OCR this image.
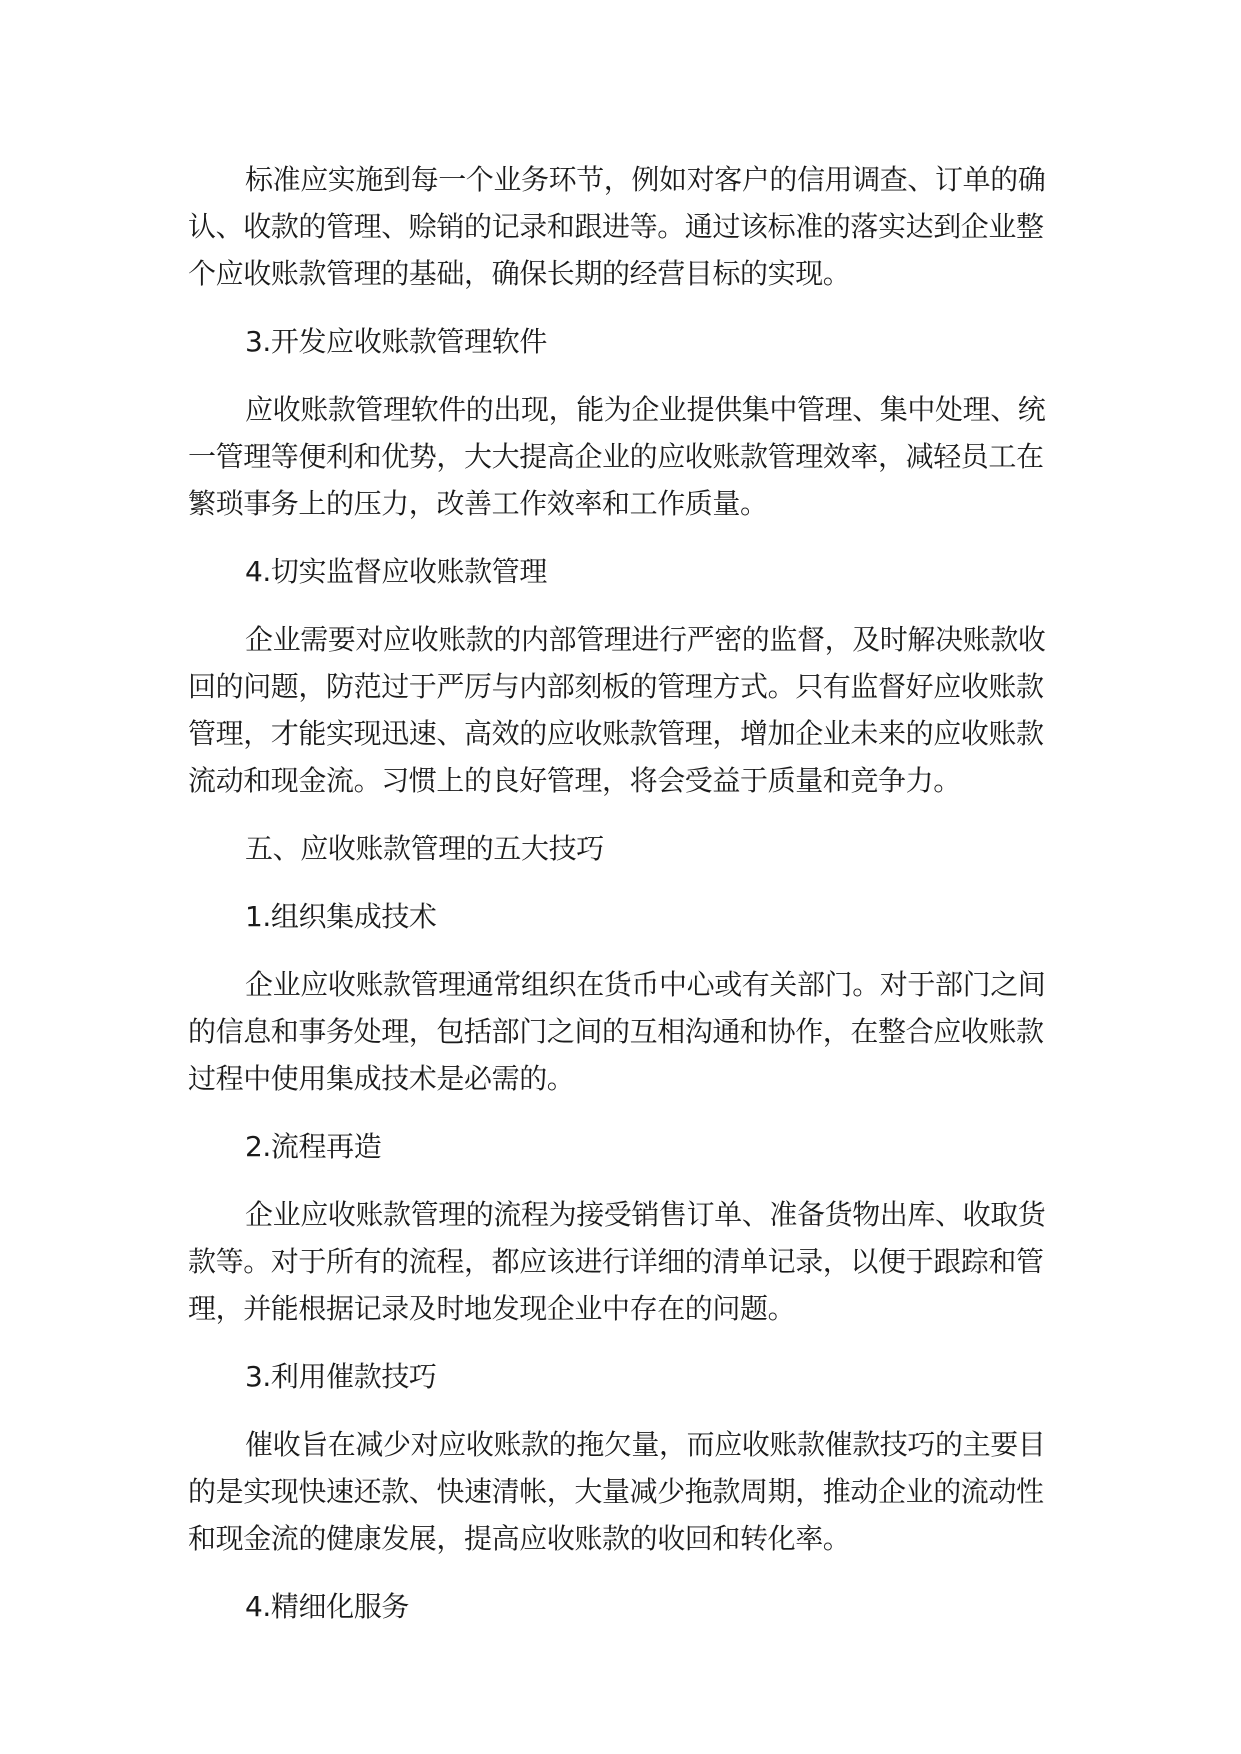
标准应实施到每一个业务环节，例如对客户的信用调查、订单的确
认、收款的管理、赊销的记录和跟进等。通过该标准的落实达到企业整
个应收账款管理的基础，确保长期的经营目标的实现。
3.开发应收账款管理软件
应收账款管理软件的出现，能为企业提供集中管理、集中处理、统
一管理等便利和优势，大大提高企业的应收账款管理效率，减轻员工在
繁琐事务上的压力，改善工作效率和工作质量。
4.切实监督应收账款管理
企业需要对应收账款的内部管理进行严密的监督，及时解决账款收
回的问题，防范过于严厉与内部刻板的管理方式。只有监督好应收账款
管理，才能实现迅速、高效的应收账款管理，增加企业未来的应收账款
流动和现金流。习惯上的良好管理，将会受益于质量和竞争力。
五、应收账款管理的五大技巧
1.组织集成技术
企业应收账款管理通常组织在货币中心或有关部门。对于部门之间
的信息和事务处理，包括部门之间的互相沟通和协作，在整合应收账款
过程中使用集成技术是必需的。
2.流程再造
企业应收账款管理的流程为接受销售订单、准备货物出库、收取货
款等。对于所有的流程，都应该进行详细的清单记录，以便于跟踪和管
理，并能根据记录及时地发现企业中存在的问题。
3.利用催款技巧
催收旨在减少对应收账款的拖欠量，而应收账款催款技巧的主要目
的是实现快速还款、快速清帐，大量减少拖款周期，推动企业的流动性
和现金流的健康发展，提高应收账款的收回和转化率。
4.精细化服务
